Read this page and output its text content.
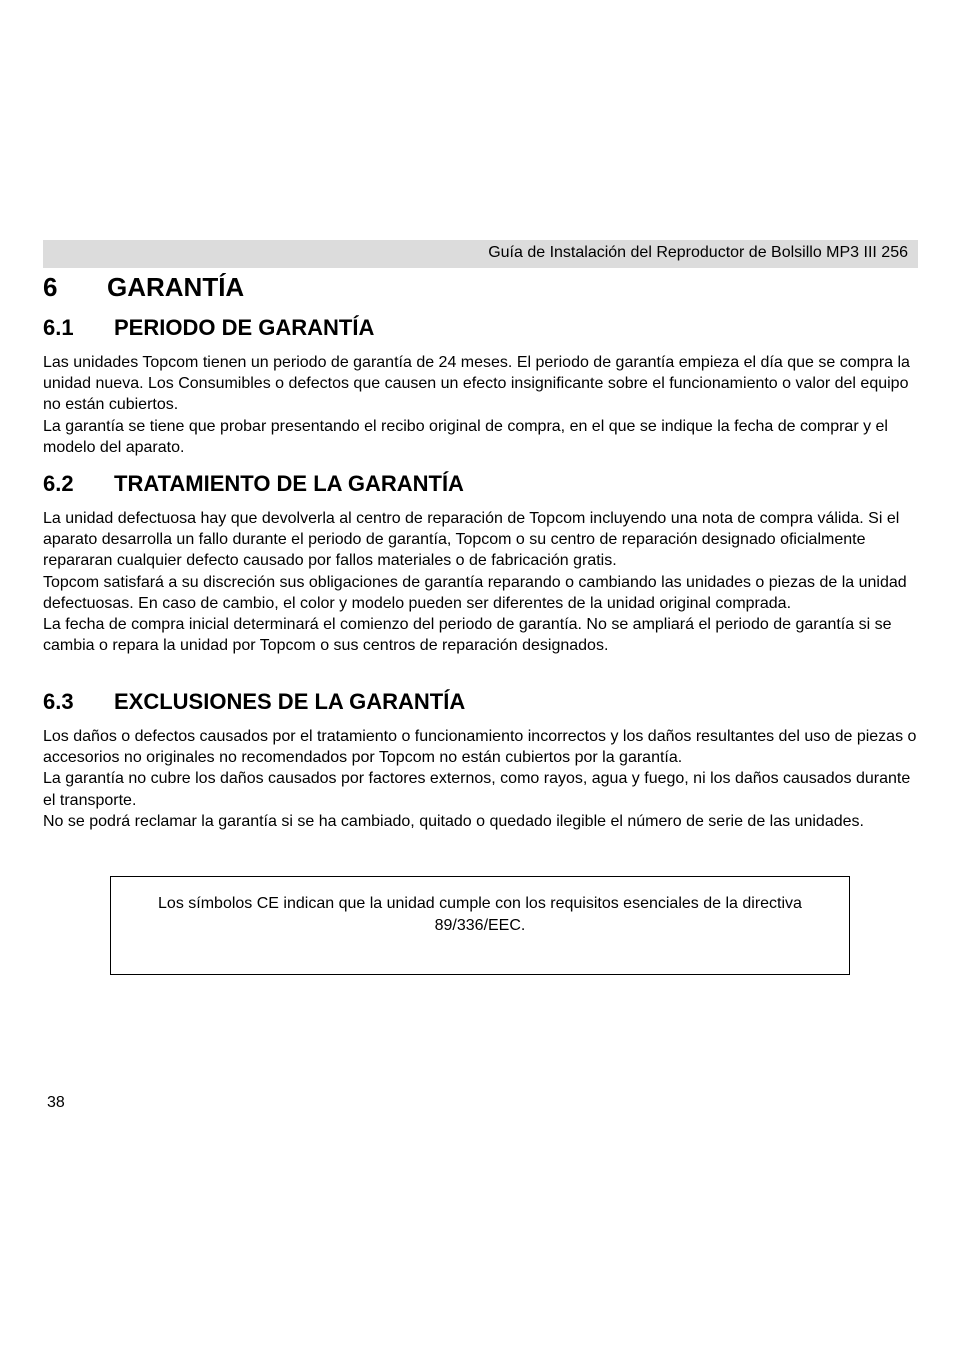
Guía de Instalación del Reproductor de Bolsillo MP3 III 256
6 GARANTÍA
6.1 PERIODO DE GARANTÍA

Las unidades Topcom tienen un periodo de garantía de 24 meses. El periodo de garantía empieza el día que se compra la unidad nueva. Los Consumibles o defectos que causen un efecto insignificante sobre el funcionamiento o valor del equipo no están cubiertos.

La garantía se tiene que probar presentando el recibo original de compra, en el que se indique la fecha de comprar y el modelo del aparato.

6.2 TRATAMIENTO DE LA GARANTÍA

La unidad defectuosa hay que devolverla al centro de reparación de Topcom incluyendo una nota de compra válida. Si el aparato desarrolla un fallo durante el periodo de garantía, Topcom o su centro de reparación designado oficialmente repararan cualquier defecto causado por fallos materiales o de fabricación gratis.

Topcom satisfará a su discreción sus obligaciones de garantía reparando o cambiando las unidades o piezas de la unidad defectuosas. En caso de cambio, el color y modelo pueden ser diferentes de la unidad original comprada.

La fecha de compra inicial determinará el comienzo del periodo de garantía. No se ampliará el periodo de garantía si se cambia o repara la unidad por Topcom o sus centros de reparación designados.

6.3 EXCLUSIONES DE LA GARANTÍA

Los daños o defectos causados por el tratamiento o funcionamiento incorrectos y los daños resultantes del uso de piezas o accesorios no originales no recomendados por Topcom no están cubiertos por la garantía.

La garantía no cubre los daños causados por factores externos, como rayos, agua y fuego, ni los daños causados durante el transporte.

No se podrá reclamar la garantía si se ha cambiado, quitado o quedado ilegible el número de serie de las unidades.

Los símbolos CE indican que la unidad cumple con los requisitos esenciales de la directiva 89/336/EEC.

38
